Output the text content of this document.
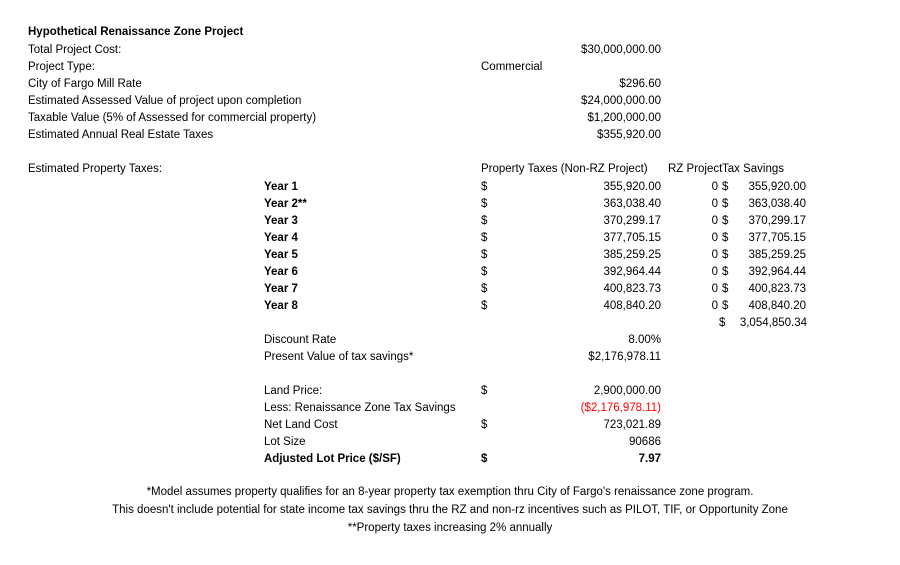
Hypothetical Renaissance Zone Project
Total Project Cost:	$30,000,000.00
Project Type:	Commercial
City of Fargo Mill Rate	$296.60
Estimated Assessed Value of project upon completion	$24,000,000.00
Taxable Value (5% of Assessed for commercial property)	$1,200,000.00
Estimated Annual Real Estate Taxes	$355,920.00
Estimated Property Taxes:	Property Taxes (Non-RZ Project) RZ Project Tax Savings
Year 1	$	355,920.00	0 $	355,920.00
Year 2**	$	363,038.40	0 $	363,038.40
Year 3	$	370,299.17	0 $	370,299.17
Year 4	$	377,705.15	0 $	377,705.15
Year 5	$	385,259.25	0 $	385,259.25
Year 6	$	392,964.44	0 $	392,964.44
Year 7	$	400,823.73	0 $	400,823.73
Year 8	$	408,840.20	0 $	408,840.20
$	3,054,850.34
Discount Rate	8.00%
Present Value of tax savings*	$2,176,978.11
Land Price:	$	2,900,000.00
Less: Renaissance Zone Tax Savings	($2,176,978.11)
Net Land Cost	$	723,021.89
Lot Size	90686
Adjusted Lot Price ($/SF)	$	7.97
*Model assumes property qualifies for an 8-year property tax exemption thru City of Fargo's renaissance zone program.
This doesn't include potential for state income tax savings thru the RZ and non-rz incentives such as PILOT, TIF, or Opportunity Zone
**Property taxes increasing 2% annually
